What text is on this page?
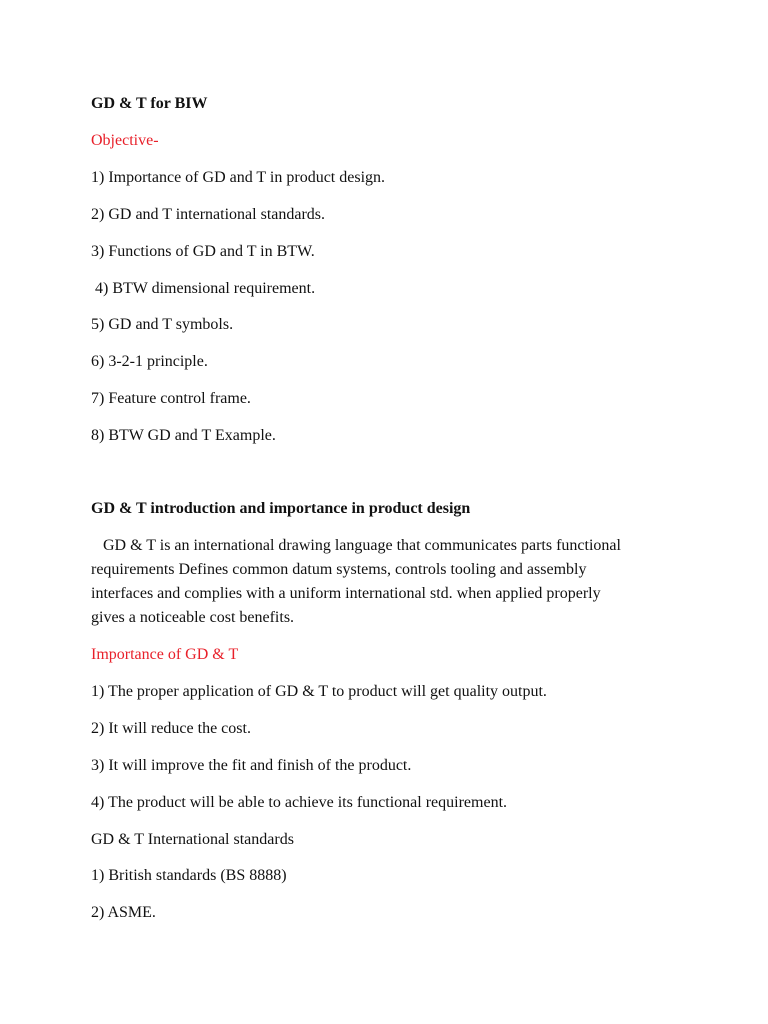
GD & T for BIW
Objective-
1) Importance of GD and T in product design.
2) GD and T international standards.
3) Functions of GD and T in BTW.
4) BTW dimensional requirement.
5) GD and T symbols.
6) 3-2-1 principle.
7) Feature control frame.
8) BTW GD and T Example.
GD & T introduction and importance in product design
GD & T is an international drawing language that communicates parts functional
requirements Defines common datum systems, controls tooling and assembly
interfaces and complies with a uniform international std. when applied properly
gives a noticeable cost benefits.
Importance of GD & T
1) The proper application of GD & T to product will get quality output.
2) It will reduce the cost.
3) It will improve the fit and finish of the product.
4) The product will be able to achieve its functional requirement.
GD & T International standards
1) British standards (BS 8888)
2) ASME.
